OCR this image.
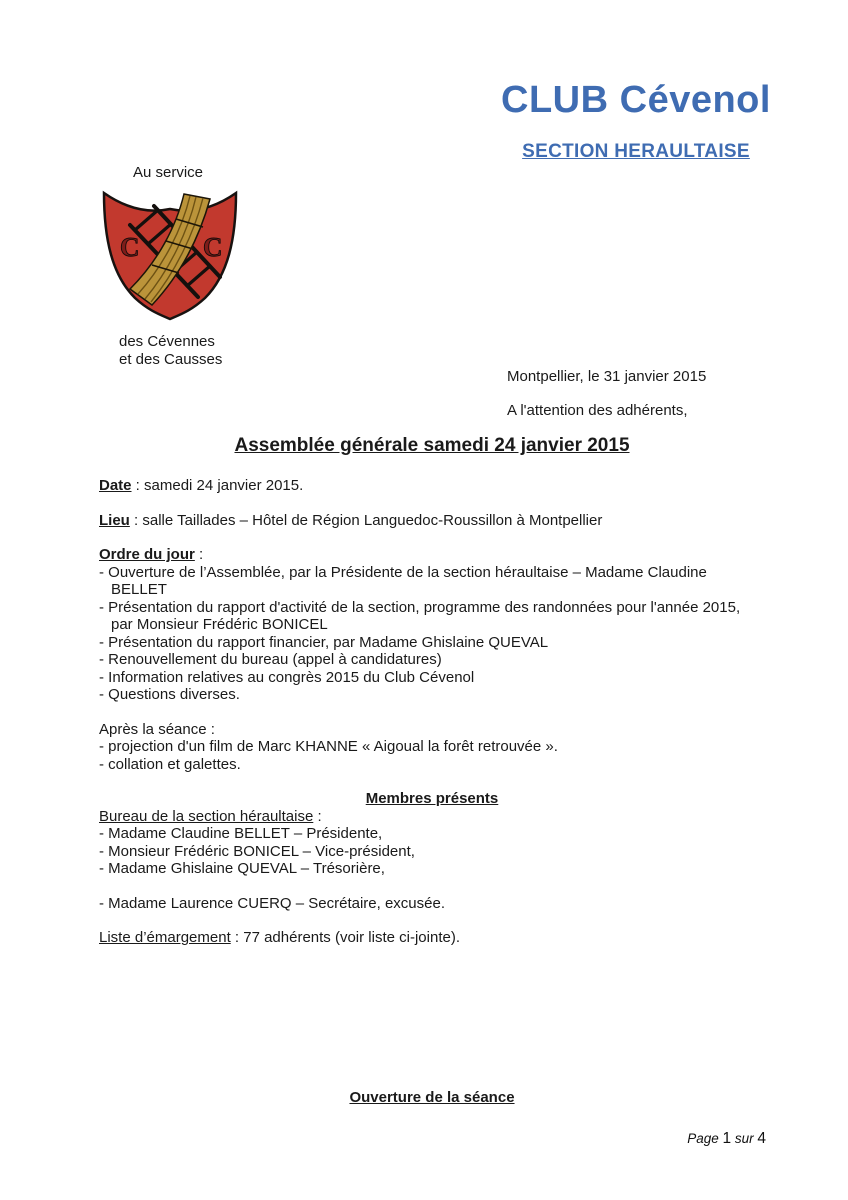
CLUB Cévenol
SECTION HERAULTAISE
Au service
C C
des Cévennes
et des Causses
Montpellier, le 31 janvier 2015
A l'attention des adhérents,
Assemblée générale samedi 24 janvier 2015
Date : samedi 24 janvier 2015.
Lieu : salle Taillades – Hôtel de Région Languedoc-Roussillon à Montpellier
Ordre du jour :
- Ouverture de l’Assemblée, par la Présidente de la section héraultaise – Madame Claudine BELLET
- Présentation du rapport d'activité de la section, programme des randonnées pour l'année 2015, par Monsieur Frédéric BONICEL
- Présentation du rapport financier, par Madame Ghislaine QUEVAL
- Renouvellement du bureau (appel à candidatures)
- Information relatives au congrès 2015 du Club Cévenol
- Questions diverses.
Après la séance :
- projection d'un film de Marc KHANNE « Aigoual la forêt retrouvée ».
- collation et galettes.
Membres présents
Bureau de la section héraultaise :
- Madame Claudine BELLET – Présidente,
- Monsieur Frédéric BONICEL – Vice-président,
- Madame Ghislaine QUEVAL – Trésorière,
- Madame Laurence CUERQ – Secrétaire, excusée.
Liste d’émargement : 77 adhérents (voir liste ci-jointe).
Ouverture de la séance
Page 1 sur 4
